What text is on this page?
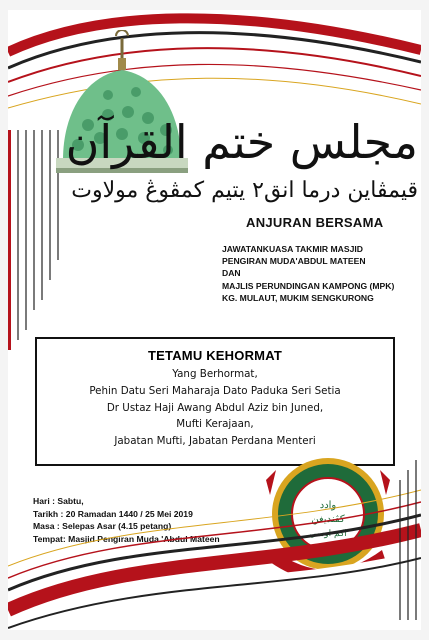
مجلس ختم القرآن
قيمڤاين درما انق٢ يتيم كمڤوڠ مولاوت
ANJURAN BERSAMA
JAWATANKUASA TAKMIR MASJID
PENGIRAN MUDA'ABDUL MATEEN
DAN
MAJLIS PERUNDINGAN KAMPONG (MPK)
KG. MULAUT, MUKIM SENGKURONG
TETAMU KEHORMAT
Yang Berhormat,
Pehin Datu Seri Maharaja Dato Paduka Seri Setia
Dr Ustaz Haji Awang Abdul Aziz bin Juned,
Mufti Kerajaan,
Jabatan Mufti, Jabatan Perdana Menteri
Hari : Sabtu,
Tarikh : 20 Ramadan 1440 / 25 Mei 2019
Masa : Selepas Asar (4.15 petang)
Tempat: Masjid Pengiran Muda 'Abdul Mateen
وادد
كڤنديغن
اكم اوسي
